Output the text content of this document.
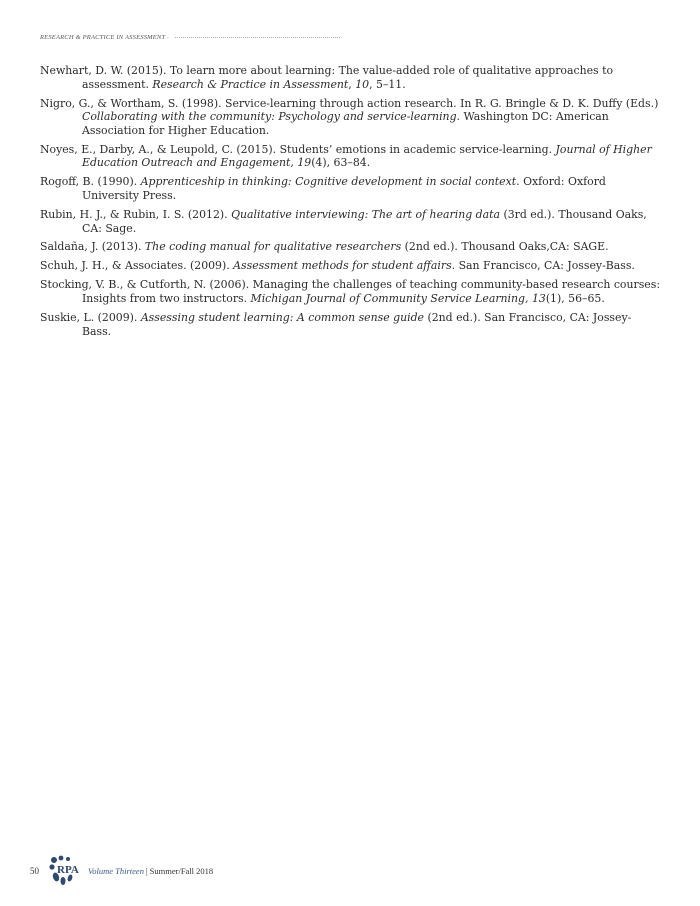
RESEARCH & PRACTICE IN ASSESSMENT ·
Newhart, D. W. (2015). To learn more about learning: The value-added role of qualitative approaches to assessment. Research & Practice in Assessment, 10, 5–11.
Nigro, G., & Wortham, S. (1998). Service-learning through action research. In R. G. Bringle & D. K. Duffy (Eds.) Collaborating with the community: Psychology and service-learning. Washington DC: American Association for Higher Education.
Noyes, E., Darby, A., & Leupold, C. (2015). Students’ emotions in academic service-learning. Journal of Higher Education Outreach and Engagement, 19(4), 63–84.
Rogoff, B. (1990). Apprenticeship in thinking: Cognitive development in social context. Oxford: Oxford University Press.
Rubin, H. J., & Rubin, I. S. (2012). Qualitative interviewing: The art of hearing data (3rd ed.). Thousand Oaks, CA: Sage.
Saldaña, J. (2013). The coding manual for qualitative researchers (2nd ed.). Thousand Oaks,CA: SAGE.
Schuh, J. H., & Associates. (2009). Assessment methods for student affairs. San Francisco, CA: Jossey-Bass.
Stocking, V. B., & Cutforth, N. (2006). Managing the challenges of teaching community-based research courses: Insights from two instructors. Michigan Journal of Community Service Learning, 13(1), 56–65.
Suskie, L. (2009). Assessing student learning: A common sense guide (2nd ed.). San Francisco, CA: Jossey-Bass.
50	RPA Volume Thirteen | Summer/Fall 2018
